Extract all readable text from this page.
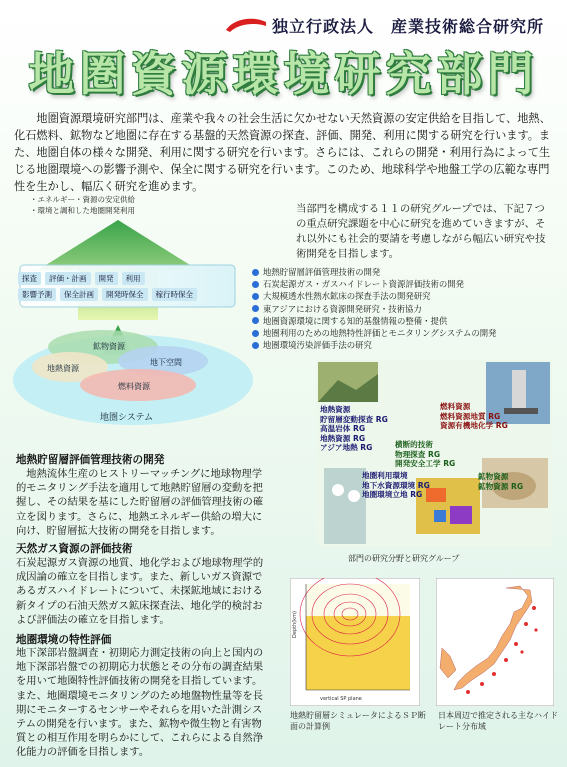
独立行政法人　産業技術総合研究所
地圏資源環境研究部門
地圏資源環境研究部門は、産業や我々の社会生活に欠かせない天然資源の安定供給を目指して、地熱、化石燃料、鉱物など地圏に存在する基盤的天然資源の探査、評価、開発、利用に関する研究を行います。また、地圏自体の様々な開発、利用に関する研究を行います。さらには、これらの開発・利用行為によって生じる地圏環境への影響予測や、保全に関する研究を行います。このため、地球科学や地盤工学の広範な専門性を生かし、幅広く研究を進めます。
・エネルギー・資源の安定供給
・環境と調和した地圏開発利用
探査	評価・計画	開発	利用
影響予測	保全計画	開発時保全	稼行時保全
鉱物資源
地熱資源
地下空間
燃料資源
地圏システム
当部門を構成する１１の研究グループでは、下記７つの重点研究課題を中心に研究を進めていきますが、それ以外にも社会的要請を考慮しながら幅広い研究や技術開発を目指します。
地熱貯留層評価管理技術の開発
石炭起源ガス・ガスハイドレート資源評価技術の開発
大規模透水性熱水鉱床の探査手法の開発研究
東アジアにおける資源開発研究・技術協力
地圏資源環境に関する知的基盤情報の整備・提供
地圏利用のための地熱特性評価とモニタリングシステムの開発
地圏環境汚染評価手法の研究
地熱資源
貯留層変動探査 RG
高温岩体 RG
地熱資源 RG
アジア地熱 RG
燃料資源
燃料資源地質 RG
資源有機地化学 RG
横断的技術
物理探査 RG
開発安全工学 RG
地圏利用環境
地下水資源環境 RG
地圏環境立地 RG
鉱物資源
鉱物資源 RG
部門の研究分野と研究グループ
地熱貯留層評価管理技術の開発
地熱流体生産のヒストリーマッチングに地球物理学的モニタリング手法を適用して地熱貯留層の変動を把握し、その結果を基にした貯留層の評価管理技術の確立を図ります。さらに、地熱エネルギー供給の増大に向け、貯留層拡大技術の開発を目指します。
天然ガス資源の評価技術
石炭起源ガス資源の地質、地化学および地球物理学的成因論の確立を目指します。また、新しいガス資源であるガスハイドレートについて、未探鉱地域における新タイプの石油天然ガス鉱床探査法、地化学的検討および評価法の確立を目指します。
地圏環境の特性評価
地下深部岩盤調査・初期応力測定技術の向上と国内の地下深部岩盤での初期応力状態とその分布の調査結果を用いて地圏特性評価技術の開発を目指しています。また、地圏環境モニタリングのため地盤物性量等を長期にモニターするセンサーやそれらを用いた計測システムの開発を行います。また、鉱物や微生物と有害物質との相互作用を明らかにして、これらによる自然浄化能力の評価を目指します。
Depth(km)
vertical SP plane
地熱貯留層シミュレータによるＳＰ断面の計算例
日本周辺で推定される主なハイドレート分布域
